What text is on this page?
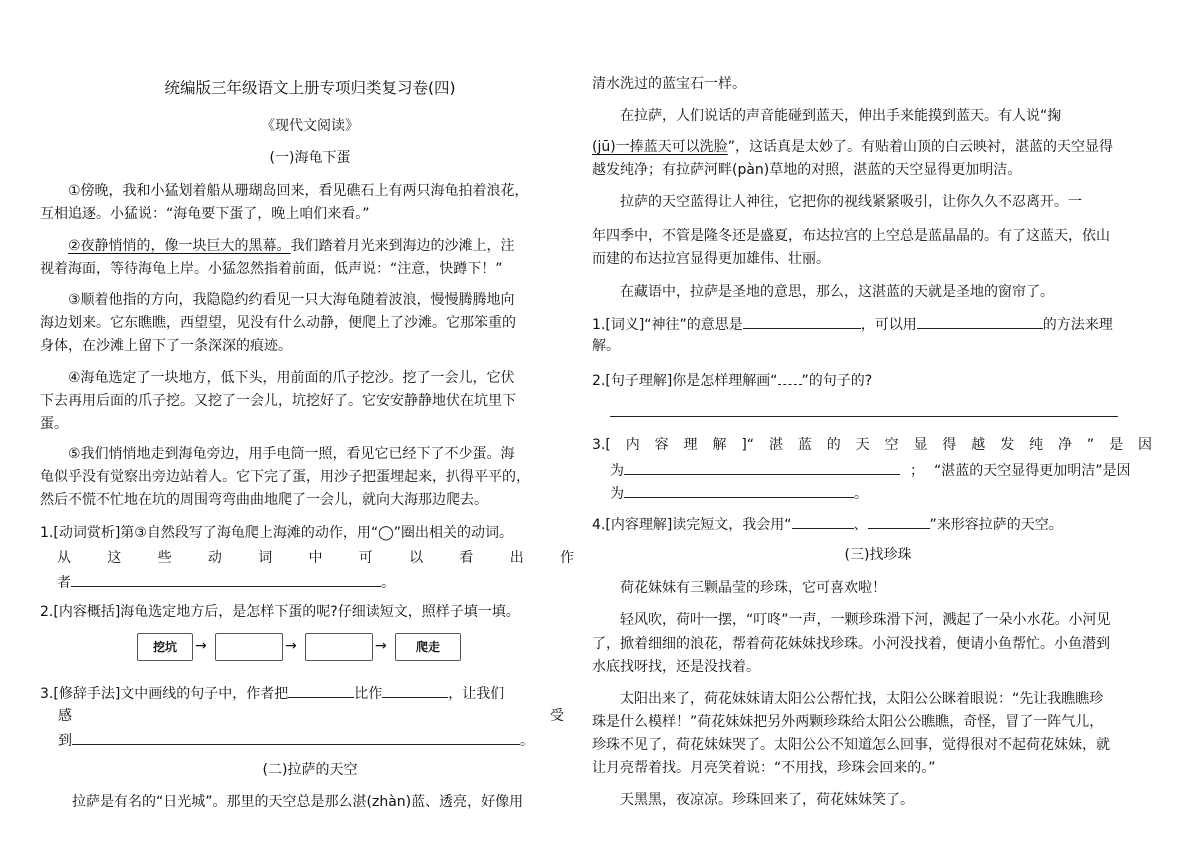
统编版三年级语文上册专项归类复习卷(四)
《现代文阅读》
(一)海龟下蛋
①傍晚，我和小猛划着船从珊瑚岛回来，看见礁石上有两只海龟拍着浪花，
互相追逐。小猛说：“海龟要下蛋了，晚上咱们来看。”
②夜静悄悄的，像一块巨大的黑幕。我们踏着月光来到海边的沙滩上，注
视着海面，等待海龟上岸。小猛忽然指着前面，低声说：“注意，快蹲下！”
③顺着他指的方向，我隐隐约约看见一只大海龟随着波浪，慢慢腾腾地向
海边划来。它东瞧瞧，西望望，见没有什么动静，便爬上了沙滩。它那笨重的
身体，在沙滩上留下了一条深深的痕迹。
④海龟选定了一块地方，低下头，用前面的爪子挖沙。挖了一会儿，它伏
下去再用后面的爪子挖。又挖了一会儿，坑挖好了。它安安静静地伏在坑里下
蛋。
⑤我们悄悄地走到海龟旁边，用手电筒一照，看见它已经下了不少蛋。海
龟似乎没有觉察出旁边站着人。它下完了蛋，用沙子把蛋埋起来，扒得平平的，
然后不慌不忙地在坑的周围弯弯曲曲地爬了一会儿，就向大海那边爬去。
1.[动词赏析]第③自然段写了海龟爬上海滩的动作，用“◯”圈出相关的动词。
从这些动词中可以看出作
者	。
2.[内容概括]海龟选定地方后，是怎样下蛋的呢?仔细读短文，照样子填一填。
3.[修辞手法]文中画线的句子中，作者把	比作	，让我们
感	受
到	。
(二)拉萨的天空
拉萨是有名的“日光城”。那里的天空总是那么湛(zhàn)蓝、透亮，好像用
挖坑	→	→	→	爬走
清水洗过的蓝宝石一样。
在拉萨，人们说话的声音能碰到蓝天，伸出手来能摸到蓝天。有人说“掬
(jū)一捧蓝天可以洗脸”，这话真是太妙了。有贴着山顶的白云映衬，湛蓝的天空显得
越发纯净；有拉萨河畔(pàn)草地的对照，湛蓝的天空显得更加明洁。
拉萨的天空蓝得让人神往，它把你的视线紧紧吸引，让你久久不忍离开。一
年四季中，不管是隆冬还是盛夏，布达拉宫的上空总是蓝晶晶的。有了这蓝天，依山
而建的布达拉宫显得更加雄伟、壮丽。
在藏语中，拉萨是圣地的意思，那么，这湛蓝的天就是圣地的窗帘了。
1.[词义]“神往”的意思是	，可以用	的方法来理
解。
2.[句子理解]你是怎样理解画“ ”的句子的?
3.[内容理解]“湛蓝的天空显得越发纯净”是因
为	； “湛蓝的天空显得更加明洁”是因
为	。
4.[内容理解]读完短文，我会用“	、	”来形容拉萨的天空。
(三)找珍珠
荷花妹妹有三颗晶莹的珍珠，它可喜欢啦！
轻风吹，荷叶一摆，“叮咚”一声，一颗珍珠滑下河，溅起了一朵小水花。小河见
了，掀着细细的浪花，帮着荷花妹妹找珍珠。小河没找着，便请小鱼帮忙。小鱼潜到
水底找呀找，还是没找着。
太阳出来了，荷花妹妹请太阳公公帮忙找，太阳公公眯着眼说：“先让我瞧瞧珍
珠是什么模样！”荷花妹妹把另外两颗珍珠给太阳公公瞧瞧，奇怪，冒了一阵气儿，
珍珠不见了，荷花妹妹哭了。太阳公公不知道怎么回事，觉得很对不起荷花妹妹，就
让月亮帮着找。月亮笑着说：“不用找，珍珠会回来的。”
天黑黑，夜凉凉。珍珠回来了，荷花妹妹笑了。
